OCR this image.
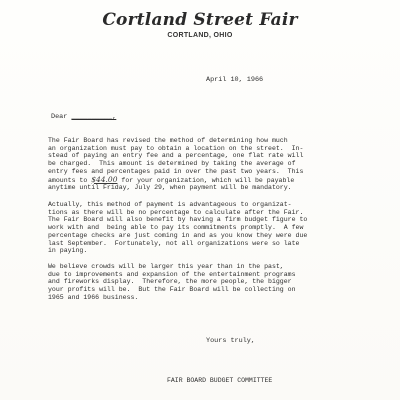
Cortland Street Fair
CORTLAND, OHIO
April 10, 1966
Dear __________,
The Fair Board has revised the method of determining how much
an organization must pay to obtain a location on the street.  In-
stead of paying an entry fee and a percentage, one flat rate will
be charged.  This amount is determined by taking the average of
entry fees and percentages paid in over the past two years.  This
amounts to $44.00 for your organization, which will be payable
anytime until Friday, July 29, when payment will be mandatory.
Actually, this method of payment is advantageous to organizat-
tions as there will be no percentage to calculate after the Fair.
The Fair Board will also benefit by having a firm budget figure to
work with and  being able to pay its commitments promptly.  A few
percentage checks are just coming in and as you know they were due
last September.  Fortunately, not all organizations were so late
in paying.
We believe crowds will be larger this year than in the past,
due to improvements and expansion of the entertainment programs
and fireworks display.  Therefore, the more people, the bigger
your profits will be.  But the Fair Board will be collecting on
1965 and 1966 business.
Yours truly,
FAIR BOARD BUDGET COMMITTEE
